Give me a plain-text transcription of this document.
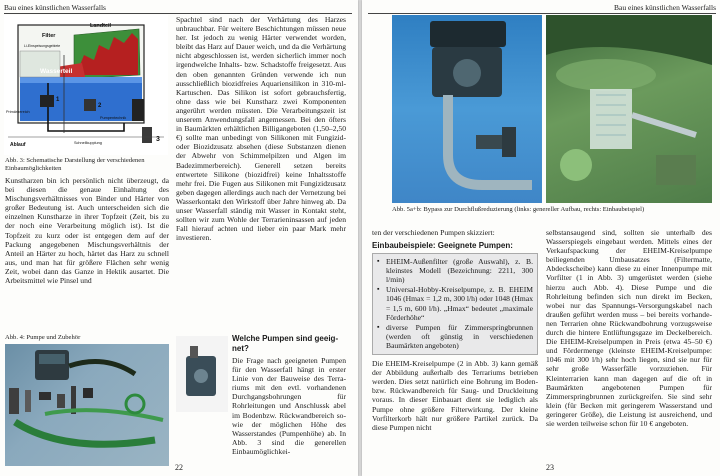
Bau eines künstlichen Wasserfalls
Landteil
Filter
Li-Einspeisungsgebiete
Wasserteil
Primärbereich
Pumpentechnik
1
2
3
Ablauf	Schnellkupplung
Abb. 3: Schematische Darstellung der verschiedenen Einbaumöglichkeiten

Kunstharzen bin ich persönlich nicht überzeugt, da bei diesen die genaue Einhaltung des Mischungsverhältnisses von Binder und Härter von großer Bedeutung ist. Auch unterscheiden sich die einzelnen Kunstharze in ihrer Topfzeit (Zeit, bis zu der noch eine Verarbeitung möglich ist). Ist die Topfzeit zu kurz oder ist entgegen dem auf der Packung angegebenen Mischungsverhältnis der Anteil an Härter zu hoch, härtet das Harz zu schnell aus, und man hat für größere Flächen sehr wenig Zeit, wobei dann das Ganze in Hektik ausartet. Die Arbeitsmittel wie Pinsel und

Abb. 4: Pumpe und Zubehör

Spachtel sind nach der Verhärtung des Harzes unbrauchbar. Für weitere Beschichtungen müssen neue her. Ist jedoch zu wenig Härter verwendet worden, bleibt das Harz auf Dauer weich, und da die Verhärtung nicht abgeschlossen ist, werden sicherlich immer noch irgendwelche Inhalts- bzw. Schadstoffe freigesetzt. Aus den oben genannten Gründen verwende ich nun ausschließlich biozidfreies Aquariensilikon in 310-ml-Kartuschen. Das Silikon ist sofort gebrauchsfertig, ohne dass wie bei Kunstharz zwei Komponenten angerührt werden müssten. Die Verarbeitungszeit ist unserem Anwendungsfall angemessen. Bei den öfters in Baumärkten erhältlichen Billigangeboten (1,50–2,50 €) sollte man unbedingt von Silikonen mit Fungizid- oder Biozidzusatz absehen (diese Substanzen dienen der Abwehr von Schimmelpilzen und Algen im Badezimmerbereich). Generell setzen bereits entwertete Silikone (biozidfrei) keine Inhaltsstoffe mehr frei. Die Fugen aus Silikonen mit Fungizidzusatz geben dagegen allerdings auch nach der Vernetzung bei Wasserkontakt den Wirkstoff über Jahre hinweg ab. Da unser Wasserfall ständig mit Wasser in Kontakt steht, sollten wir zum Wohle der Terrarieninsassen auf jeden Fall hierauf achten und lieber ein paar Mark mehr investieren.

Welche Pumpen sind geeignet?

Die Frage nach geeigneten Pumpen für den Wasserfall hängt in erster Linie von der Bauweise des Terrariums mit den evtl. vorhandenen Durchgangsbohrungen für Rohrleitungen und Anschlussk abel im Bodenbzw. Rückwandbereich sowie der möglichen Höhe des Wasserstandes (Pumpenhöhe) ab. In Abb. 3 sind die generellen Einbaumöglichkei-

22
Bau eines künstlichen Wasserfalls
Abb. 5a+b: Bypass zur Durchflußreduzierung (links: genereller Aufbau, rechts: Einbaubeispiel)

ten der verschiedenen Pumpen skizziert:

Einbaubeispiele: Geeignete Pumpen:
▪ EHEIM-Außenfilter (große Auswahl), z. B. kleinstes Modell (Bezeichnung: 2211, 300 l/min)
▪ Universal-Hobby-Kreiselpumpe, z. B. EHEIM 1046 (Hmax = 1,2 m, 300 l/h) oder 1048 (Hmax = 1,5 m, 600 l/h). „Hmax“ bedeutet „maximale Förderhöhe“
▪ diverse Pumpen für Zimmerspringbrunnen (werden oft günstig in verschiedenen Baumärkten angeboten)

Die EHEIM-Kreiselpumpe (2 in Abb. 3) kann gemäß der Abbildung außerhalb des Terrariums betrieben werden. Dies setzt natürlich eine Bohrung im Boden- bzw. Rückwandbereich für Saug- und Druckleitung voraus. In dieser Einbauart dient sie lediglich als Pumpe ohne größere Filterwirkung. Der kleine Vorfilterkorb hält nur größere Partikel zurück. Da diese Pumpen nicht

selbstansaugend sind, sollten sie unterhalb des Wasserspiegels eingebaut werden. Mittels eines der Verkaufspackung der EHEIM-Kreiselpumpe beiliegenden Umbausatzes (Filtermatte, Abdeckscheibe) kann diese zu einer Innenpumpe mit Vorfilter (1 in Abb. 3) umgerüstet werden (siehe hierzu auch Abb. 4). Diese Pumpe und die Rohrleitung befinden sich nun direkt im Becken, wobei nur das Spannungs-Versorgungskabel nach draußen geführt werden muss – bei bereits vorhandenen Terrarien ohne Rückwandbohrung vorzugsweise durch die hintere Entlüftungsgaze im Deckelbereich. Die EHEIM-Kreiselpumpen in Preis (etwa 45–50 €) und Fördermenge (kleinste EHEIM-Kreiselpumpe: 1046 mit 300 l/h) sehr hoch liegen, sind sie nur für sehr große Wasserfälle vorzuziehen. Für Kleinterrarien kann man dagegen auf die oft in Baumärkten angebotenen Pumpen für Zimmerspringbrunnen zurückgreifen. Sie sind sehr klein (für Becken mit geringerem Wasserstand und geringerer Größe), die Leistung ist ausreichend, und sie werden teilweise schon für 10 € angeboten.

23
